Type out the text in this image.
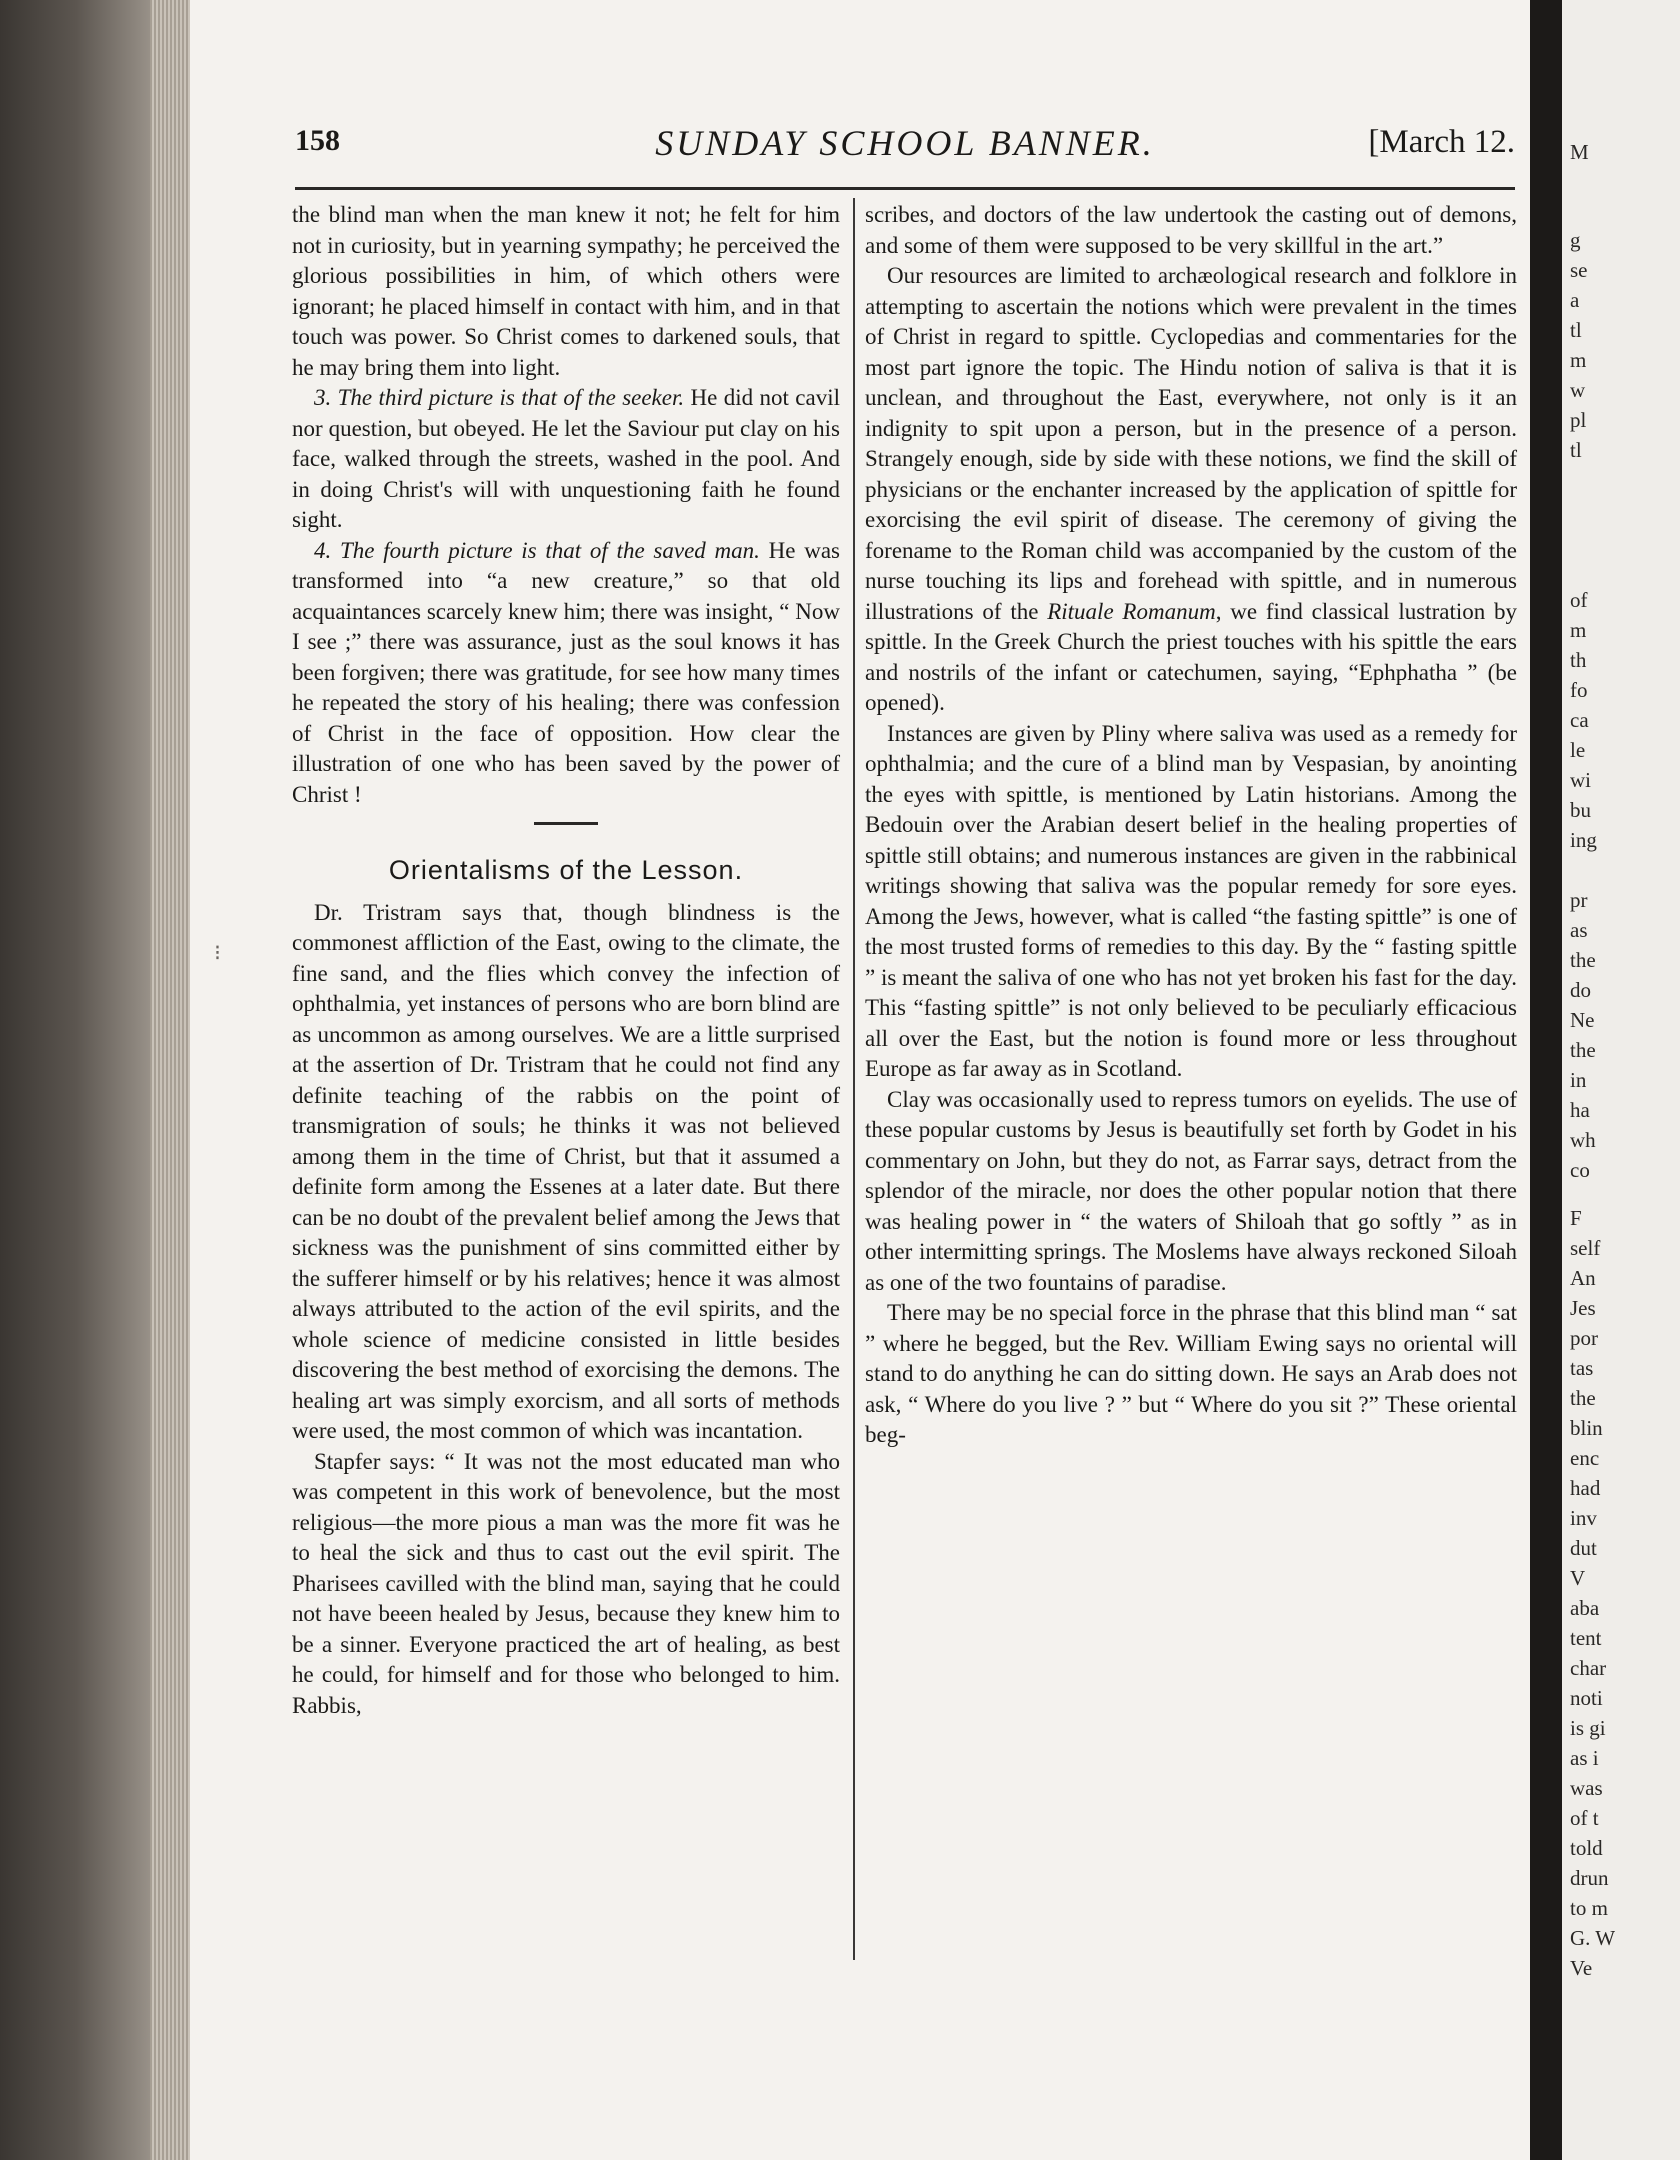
158	SUNDAY SCHOOL BANNER.	[March 12.

the blind man when the man knew it not; he felt for him not in curiosity, but in yearning sympathy; he perceived the glorious possibilities in him, of which others were ignorant; he placed himself in contact with him, and in that touch was power. So Christ comes to darkened souls, that he may bring them into light.

3. The third picture is that of the seeker. He did not cavil nor question, but obeyed. He let the Saviour put clay on his face, walked through the streets, washed in the pool. And in doing Christ's will with unquestioning faith he found sight.

4. The fourth picture is that of the saved man. He was transformed into “a new creature,” so that old acquaintances scarcely knew him; there was insight, “ Now I see ;” there was assurance, just as the soul knows it has been forgiven; there was gratitude, for see how many times he repeated the story of his healing; there was confession of Christ in the face of opposition. How clear the illustration of one who has been saved by the power of Christ !

Orientalisms of the Lesson.

Dr. Tristram says that, though blindness is the commonest affliction of the East, owing to the climate, the fine sand, and the flies which convey the infection of ophthalmia, yet instances of persons who are born blind are as uncommon as among ourselves. We are a little surprised at the assertion of Dr. Tristram that he could not find any definite teaching of the rabbis on the point of transmigration of souls; he thinks it was not believed among them in the time of Christ, but that it assumed a definite form among the Essenes at a later date. But there can be no doubt of the prevalent belief among the Jews that sickness was the punishment of sins committed either by the sufferer himself or by his relatives; hence it was almost always attributed to the action of the evil spirits, and the whole science of medicine consisted in little besides discovering the best method of exorcising the demons. The healing art was simply exorcism, and all sorts of methods were used, the most common of which was incantation.

Stapfer says: “ It was not the most educated man who was competent in this work of benevolence, but the most religious—the more pious a man was the more fit was he to heal the sick and thus to cast out the evil spirit. The Pharisees cavilled with the blind man, saying that he could not have beeen healed by Jesus, because they knew him to be a sinner. Everyone practiced the art of healing, as best he could, for himself and for those who belonged to him. Rabbis,

scribes, and doctors of the law undertook the casting out of demons, and some of them were supposed to be very skillful in the art.”

Our resources are limited to archæological research and folklore in attempting to ascertain the notions which were prevalent in the times of Christ in regard to spittle. Cyclopedias and commentaries for the most part ignore the topic. The Hindu notion of saliva is that it is unclean, and throughout the East, everywhere, not only is it an indignity to spit upon a person, but in the presence of a person. Strangely enough, side by side with these notions, we find the skill of physicians or the enchanter increased by the application of spittle for exorcising the evil spirit of disease. The ceremony of giving the forename to the Roman child was accompanied by the custom of the nurse touching its lips and forehead with spittle, and in numerous illustrations of the Rituale Romanum, we find classical lustration by spittle. In the Greek Church the priest touches with his spittle the ears and nostrils of the infant or catechumen, saying, “Ephphatha ” (be opened).

Instances are given by Pliny where saliva was used as a remedy for ophthalmia; and the cure of a blind man by Vespasian, by anointing the eyes with spittle, is mentioned by Latin historians. Among the Bedouin over the Arabian desert belief in the healing properties of spittle still obtains; and numerous instances are given in the rabbinical writings showing that saliva was the popular remedy for sore eyes. Among the Jews, however, what is called “the fasting spittle” is one of the most trusted forms of remedies to this day. By the “ fasting spittle ” is meant the saliva of one who has not yet broken his fast for the day. This “fasting spittle” is not only believed to be peculiarly efficacious all over the East, but the notion is found more or less throughout Europe as far away as in Scotland.

Clay was occasionally used to repress tumors on eyelids. The use of these popular customs by Jesus is beautifully set forth by Godet in his commentary on John, but they do not, as Farrar says, detract from the splendor of the miracle, nor does the other popular notion that there was healing power in “ the waters of Shiloah that go softly ” as in other intermitting springs. The Moslems have always reckoned Siloah as one of the two fountains of paradise.

There may be no special force in the phrase that this blind man “ sat ” where he begged, but the Rev. William Ewing says no oriental will stand to do anything he can do sitting down. He says an Arab does not ask, “ Where do you live ? ” but “ Where do you sit ?” These oriental beg-

⁝
M
g
se
a
tl
m
w
pl
tl
of
m
th
fo
ca
le
wi
bu
ing
pr
as
the
do
Ne
the
in
ha
wh
co
F
self
An
Jes
por
tas
the
blin
enc
had
inv
dut
V
aba
tent
char
noti
is gi
as i
was
of t
told
drun
to m
G. W
Ve
